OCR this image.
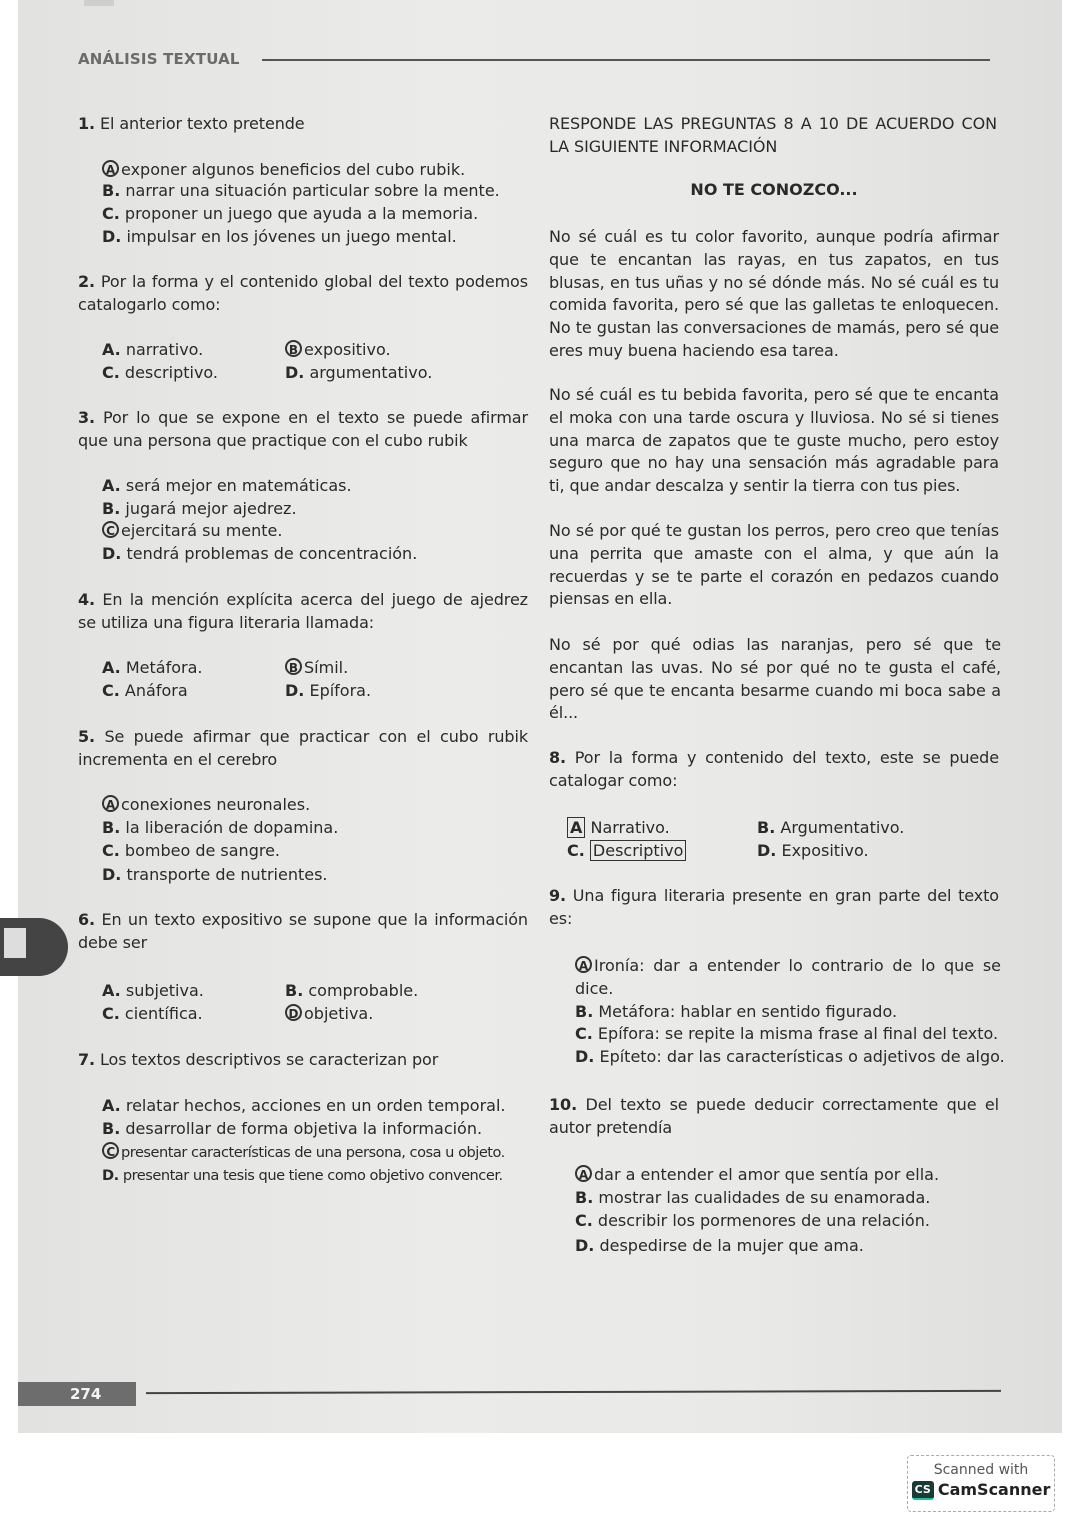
ANÁLISIS TEXTUAL
1. El anterior texto pretende
A exponer algunos beneficios del cubo rubik.
B. narrar una situación particular sobre la mente.
C. proponer un juego que ayuda a la memoria.
D. impulsar en los jóvenes un juego mental.
2. Por la forma y el contenido global del texto podemos catalogarlo como:
A. narrativo.	B expositivo.
C. descriptivo.	D. argumentativo.
3. Por lo que se expone en el texto se puede afirmar que una persona que practique con el cubo rubik
A. será mejor en matemáticas.
B. jugará mejor ajedrez.
C ejercitará su mente.
D. tendrá problemas de concentración.
4. En la mención explícita acerca del juego de ajedrez se utiliza una figura literaria llamada:
A. Metáfora.	B Símil.
C. Anáfora	D. Epífora.
5. Se puede afirmar que practicar con el cubo rubik incrementa en el cerebro
A conexiones neuronales.
B. la liberación de dopamina.
C. bombeo de sangre.
D. transporte de nutrientes.
6. En un texto expositivo se supone que la información debe ser
A. subjetiva.	B. comprobable.
C. científica.	D objetiva.
7. Los textos descriptivos se caracterizan por
A. relatar hechos, acciones en un orden temporal.
B. desarrollar de forma objetiva la información.
C presentar características de una persona, cosa u objeto.
D. presentar una tesis que tiene como objetivo convencer.
8. Por la forma y contenido del texto, este se puede catalogar como:
A Narrativo.	B. Argumentativo.
C. Descriptivo	D. Expositivo.
9. Una figura literaria presente en gran parte del texto es:
A Ironía: dar a entender lo contrario de lo que se dice.
B. Metáfora: hablar en sentido figurado.
C. Epífora: se repite la misma frase al final del texto.
D. Epíteto: dar las características o adjetivos de algo.
10. Del texto se puede deducir correctamente que el autor pretendía
A dar a entender el amor que sentía por ella.
B. mostrar las cualidades de su enamorada.
C. describir los pormenores de una relación.
D. despedirse de la mujer que ama.
RESPONDE LAS PREGUNTAS 8 A 10 DE ACUERDO CON LA SIGUIENTE INFORMACIÓN
NO TE CONOZCO...
No sé cuál es tu color favorito, aunque podría afirmar que te encantan las rayas, en tus zapatos, en tus blusas, en tus uñas y no sé dónde más. No sé cuál es tu comida favorita, pero sé que las galletas te enloquecen. No te gustan las conversaciones de mamás, pero sé que eres muy buena haciendo esa tarea.
No sé cuál es tu bebida favorita, pero sé que te encanta el moka con una tarde oscura y lluviosa. No sé si tienes una marca de zapatos que te guste mucho, pero estoy seguro que no hay una sensación más agradable para ti, que andar descalza y sentir la tierra con tus pies.
No sé por qué te gustan los perros, pero creo que tenías una perrita que amaste con el alma, y que aún la recuerdas y se te parte el corazón en pedazos cuando piensas en ella.
No sé por qué odias las naranjas, pero sé que te encantan las uvas. No sé por qué no te gusta el café, pero sé que te encanta besarme cuando mi boca sabe a él...
274
Scanned with
CS CamScanner
